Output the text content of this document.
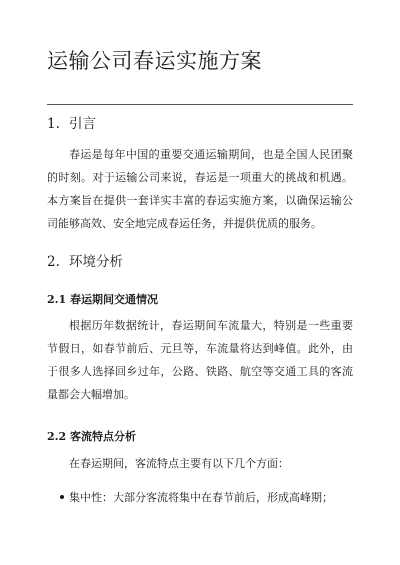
运输公司春运实施方案
1. 引言

春运是每年中国的重要交通运输期间，也是全国人民团聚的时刻。对于运输公司来说，春运是一项重大的挑战和机遇。本方案旨在提供一套详实丰富的春运实施方案，以确保运输公司能够高效、安全地完成春运任务，并提供优质的服务。

2. 环境分析
2.1 春运期间交通情况

根据历年数据统计，春运期间车流量大，特别是一些重要节假日，如春节前后、元旦等，车流量将达到峰值。此外，由于很多人选择回乡过年，公路、铁路、航空等交通工具的客流量都会大幅增加。

2.2 客流特点分析

在春运期间，客流特点主要有以下几个方面：

集中性：大部分客流将集中在春节前后，形成高峰期；
